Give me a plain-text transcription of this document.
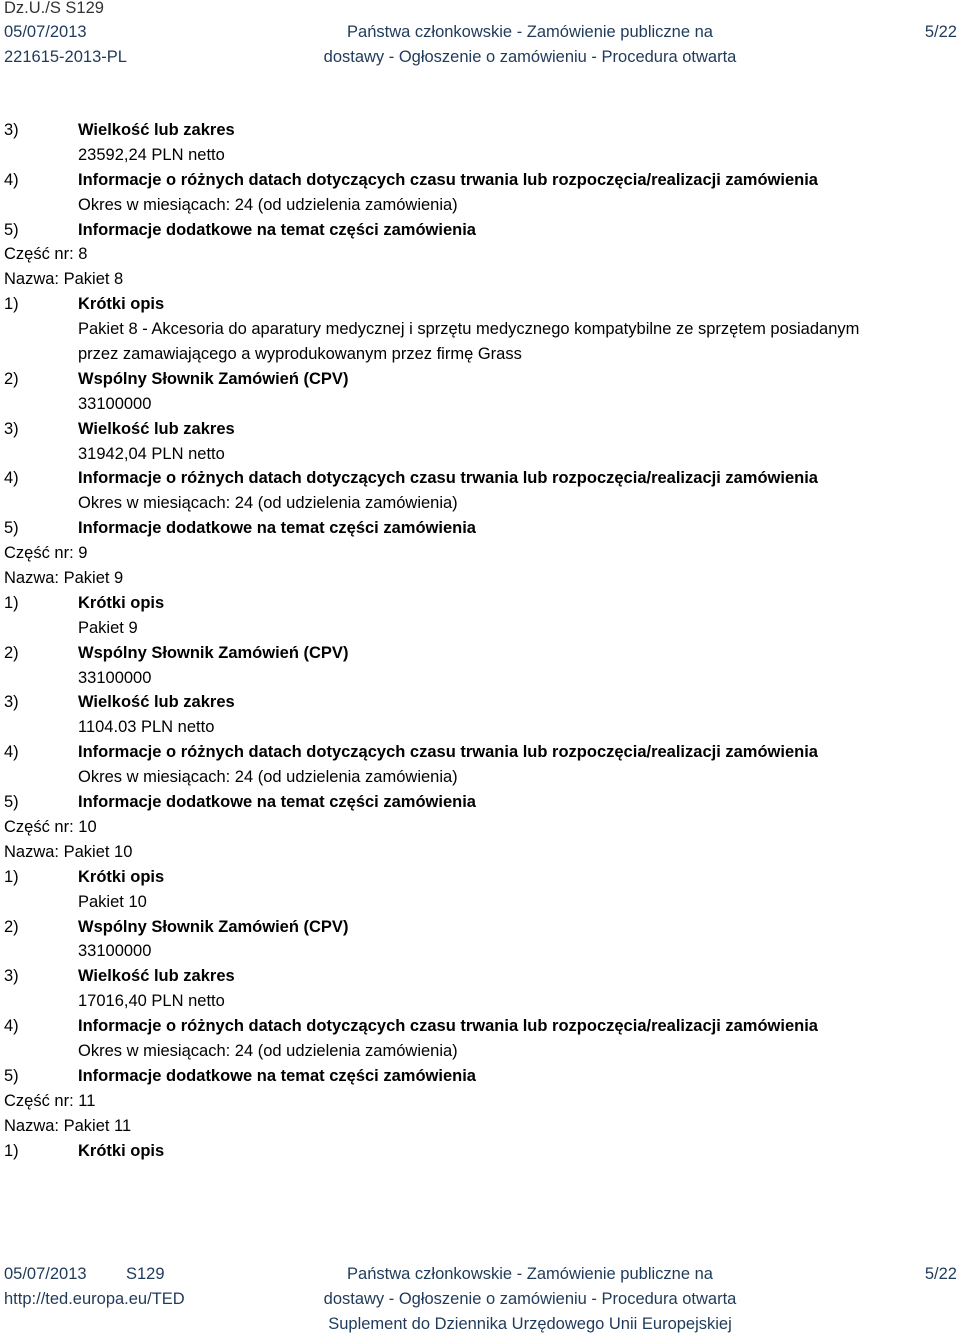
Dz.U./S S129
05/07/2013
221615-2013-PL
Państwa członkowskie - Zamówienie publiczne na
dostawy - Ogłoszenie o zamówieniu - Procedura otwarta
5/22
3)	Wielkość lub zakres
23592,24 PLN netto
4)	Informacje o różnych datach dotyczących czasu trwania lub rozpoczęcia/realizacji zamówienia
Okres w miesiącach: 24 (od udzielenia zamówienia)
5)	Informacje dodatkowe na temat części zamówienia
Część nr: 8
Nazwa: Pakiet 8
1)	Krótki opis
Pakiet 8 - Akcesoria do aparatury medycznej i sprzętu medycznego kompatybilne ze sprzętem posiadanym
przez zamawiającego a wyprodukowanym przez firmę Grass
2)	Wspólny Słownik Zamówień (CPV)
33100000
3)	Wielkość lub zakres
31942,04 PLN netto
4)	Informacje o różnych datach dotyczących czasu trwania lub rozpoczęcia/realizacji zamówienia
Okres w miesiącach: 24 (od udzielenia zamówienia)
5)	Informacje dodatkowe na temat części zamówienia
Część nr: 9
Nazwa: Pakiet 9
1)	Krótki opis
Pakiet 9
2)	Wspólny Słownik Zamówień (CPV)
33100000
3)	Wielkość lub zakres
1104.03 PLN netto
4)	Informacje o różnych datach dotyczących czasu trwania lub rozpoczęcia/realizacji zamówienia
Okres w miesiącach: 24 (od udzielenia zamówienia)
5)	Informacje dodatkowe na temat części zamówienia
Część nr: 10
Nazwa: Pakiet 10
1)	Krótki opis
Pakiet 10
2)	Wspólny Słownik Zamówień (CPV)
33100000
3)	Wielkość lub zakres
17016,40 PLN netto
4)	Informacje o różnych datach dotyczących czasu trwania lub rozpoczęcia/realizacji zamówienia
Okres w miesiącach: 24 (od udzielenia zamówienia)
5)	Informacje dodatkowe na temat części zamówienia
Część nr: 11
Nazwa: Pakiet 11
1)	Krótki opis
05/07/2013 S129
http://ted.europa.eu/TED
Państwa członkowskie - Zamówienie publiczne na
dostawy - Ogłoszenie o zamówieniu - Procedura otwarta
Suplement do Dziennika Urzędowego Unii Europejskiej
5/22
